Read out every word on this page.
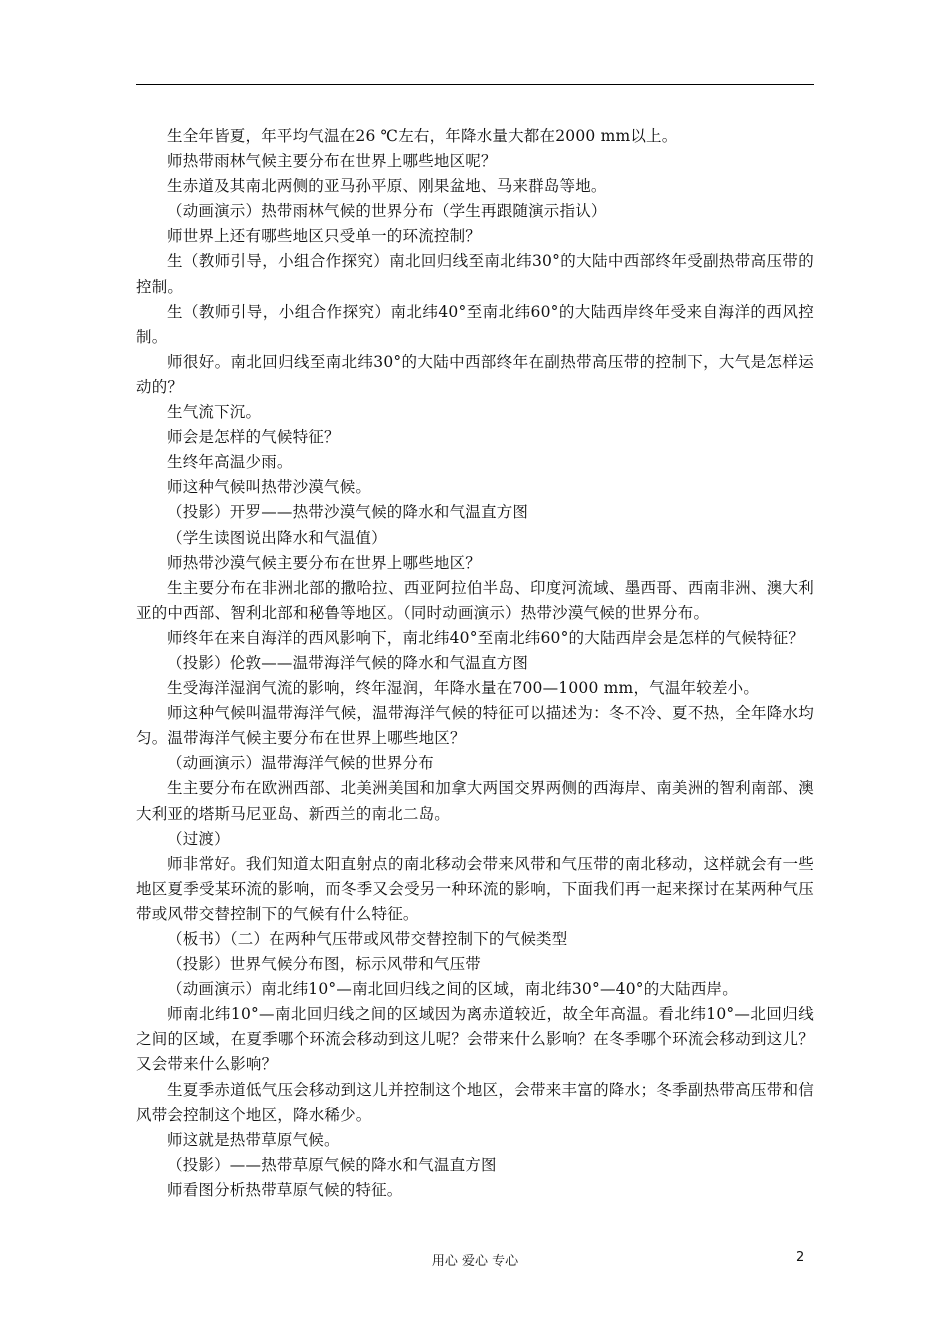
生全年皆夏，年平均气温在26 ℃左右，年降水量大都在2000 mm以上。

师热带雨林气候主要分布在世界上哪些地区呢？

生赤道及其南北两侧的亚马孙平原、刚果盆地、马来群岛等地。

（动画演示）热带雨林气候的世界分布（学生再跟随演示指认）

师世界上还有哪些地区只受单一的环流控制？

生（教师引导，小组合作探究）南北回归线至南北纬30°的大陆中西部终年受副热带高压带的控制。

生（教师引导，小组合作探究）南北纬40°至南北纬60°的大陆西岸终年受来自海洋的西风控制。

师很好。南北回归线至南北纬30°的大陆中西部终年在副热带高压带的控制下，大气是怎样运动的？

生气流下沉。

师会是怎样的气候特征？

生终年高温少雨。

师这种气候叫热带沙漠气候。

（投影）开罗——热带沙漠气候的降水和气温直方图

（学生读图说出降水和气温值）

师热带沙漠气候主要分布在世界上哪些地区？

生主要分布在非洲北部的撒哈拉、西亚阿拉伯半岛、印度河流域、墨西哥、西南非洲、澳大利亚的中西部、智利北部和秘鲁等地区。（同时动画演示）热带沙漠气候的世界分布。

师终年在来自海洋的西风影响下，南北纬40°至南北纬60°的大陆西岸会是怎样的气候特征？

（投影）伦敦——温带海洋气候的降水和气温直方图

生受海洋湿润气流的影响，终年湿润，年降水量在700—1000 mm，气温年较差小。

师这种气候叫温带海洋气候，温带海洋气候的特征可以描述为：冬不冷、夏不热，全年降水均匀。温带海洋气候主要分布在世界上哪些地区？

（动画演示）温带海洋气候的世界分布

生主要分布在欧洲西部、北美洲美国和加拿大两国交界两侧的西海岸、南美洲的智利南部、澳大利亚的塔斯马尼亚岛、新西兰的南北二岛。

（过渡）

师非常好。我们知道太阳直射点的南北移动会带来风带和气压带的南北移动，这样就会有一些地区夏季受某环流的影响，而冬季又会受另一种环流的影响，下面我们再一起来探讨在某两种气压带或风带交替控制下的气候有什么特征。

（板书）（二）在两种气压带或风带交替控制下的气候类型

（投影）世界气候分布图，标示风带和气压带

（动画演示）南北纬10°—南北回归线之间的区域，南北纬30°—40°的大陆西岸。

师南北纬10°—南北回归线之间的区域因为离赤道较近，故全年高温。看北纬10°—北回归线之间的区域，在夏季哪个环流会移动到这儿呢？会带来什么影响？在冬季哪个环流会移动到这儿？又会带来什么影响？

生夏季赤道低气压会移动到这儿并控制这个地区，会带来丰富的降水；冬季副热带高压带和信风带会控制这个地区，降水稀少。

师这就是热带草原气候。

（投影）——热带草原气候的降水和气温直方图

师看图分析热带草原气候的特征。

用心 爱心 专心	2
